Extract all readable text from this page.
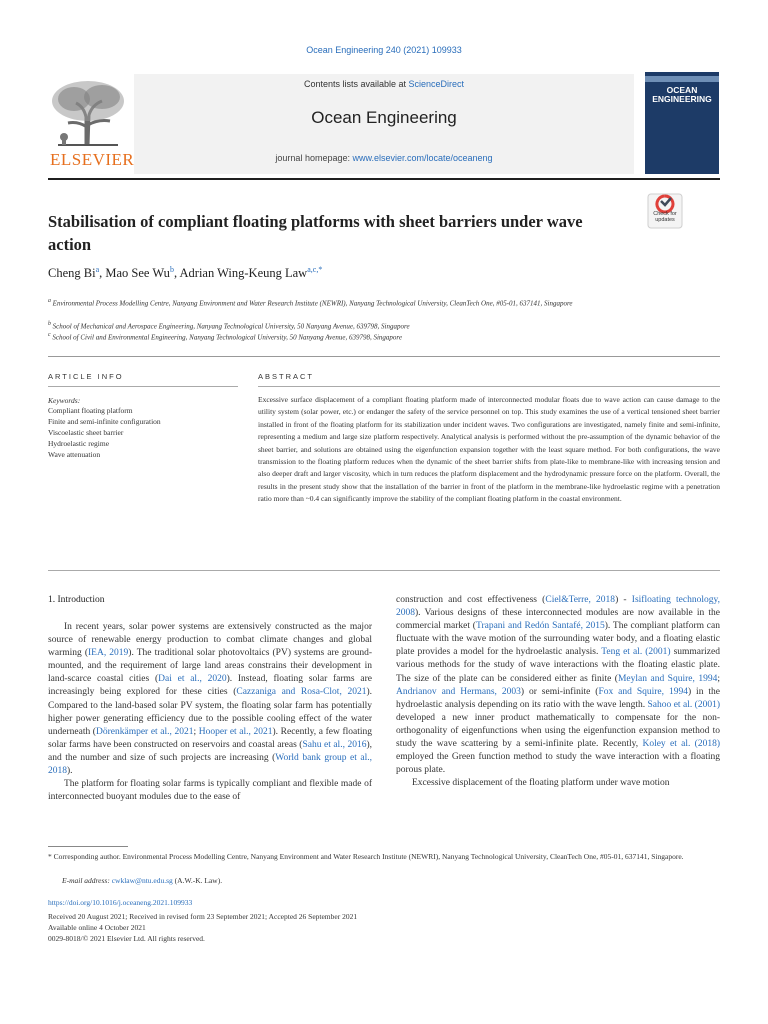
Ocean Engineering 240 (2021) 109933
ELSEVIER
Contents lists available at ScienceDirect
Ocean Engineering
journal homepage: www.elsevier.com/locate/oceaneng
OCEAN
ENGINEERING
Check for updates
Stabilisation of compliant floating platforms with sheet barriers under wave action
Cheng Bi$^a$, Mao See Wu$^b$, Adrian Wing-Keung Law$^{a,c,*}$
$^a$ Environmental Process Modelling Centre, Nanyang Environment and Water Research Institute (NEWRI), Nanyang Technological University, CleanTech One, #05-01, 637141, Singapore
$^b$ School of Mechanical and Aerospace Engineering, Nanyang Technological University, 50 Nanyang Avenue, 639798, Singapore
$^c$ School of Civil and Environmental Engineering, Nanyang Technological University, 50 Nanyang Avenue, 639798, Singapore
ARTICLE INFO
Keywords:
Compliant floating platform
Finite and semi-infinite configuration
Viscoelastic sheet barrier
Hydroelastic regime
Wave attenuation
ABSTRACT
Excessive surface displacement of a compliant floating platform made of interconnected modular floats due to wave action can cause damage to the utility system (solar power, etc.) or endanger the safety of the service personnel on top. This study examines the use of a vertical tensioned sheet barrier installed in front of the floating platform for its stabilization under incident waves. Two configurations are investigated, namely finite and semi-infinite, representing a medium and large size platform respectively. Analytical analysis is performed without the pre-assumption of the dynamic behavior of the sheet barrier, and solutions are obtained using the eigenfunction expansion together with the least square method. For both configurations, the wave transmission to the floating platform reduces when the dynamic of the sheet barrier shifts from plate-like to membrane-like with increasing tension and also deeper draft and larger viscosity, which in turn reduces the platform displacement and the hydrodynamic pressure force on the platform. Overall, the results in the present study show that the installation of the barrier in front of the platform in the membrane-like hydroelastic regime with a penetration ratio more than ~0.4 can significantly improve the stability of the compliant floating platform in the coastal environment.
1. Introduction

In recent years, solar power systems are extensively constructed as the major source of renewable energy production to combat climate changes and global warming (IEA, 2019). The traditional solar photovoltaics (PV) systems are ground-mounted, and the requirement of large land areas constrains their development in land-scarce coastal cities (Dai et al., 2020). Instead, floating solar farms are increasingly being explored for these cities (Cazzaniga and Rosa-Clot, 2021). Compared to the land-based solar PV system, the floating solar farm has potentially higher power generating efficiency due to the possible cooling effect of the water underneath (Dörenkämper et al., 2021; Hooper et al., 2021). Recently, a few floating solar farms have been constructed on reservoirs and coastal areas (Sahu et al., 2016), and the number and size of such projects are increasing (World bank group et al., 2018).

The platform for floating solar farms is typically compliant and flexible made of interconnected buoyant modules due to the ease of

construction and cost effectiveness (Ciel&Terre, 2018) - Isifloating technology, 2008). Various designs of these interconnected modules are now available in the commercial market (Trapani and Redón Santafé, 2015). The compliant platform can fluctuate with the wave motion of the surrounding water body, and a floating elastic plate provides a model for the hydroelastic analysis. Teng et al. (2001) summarized various methods for the study of wave interactions with the floating elastic plate. The size of the plate can be considered either as finite (Meylan and Squire, 1994; Andrianov and Hermans, 2003) or semi-infinite (Fox and Squire, 1994) in the hydroelastic analysis depending on its ratio with the wave length. Sahoo et al. (2001) developed a new inner product mathematically to compensate for the non-orthogonality of eigenfunctions when using the eigenfunction expansion method to study the wave scattering by a semi-infinite plate. Recently, Koley et al. (2018) employed the Green function method to study the wave interaction with a floating porous plate.

Excessive displacement of the floating platform under wave motion

* Corresponding author. Environmental Process Modelling Centre, Nanyang Environment and Water Research Institute (NEWRI), Nanyang Technological University, CleanTech One, #05-01, 637141, Singapore.
E-mail address: cwklaw@ntu.edu.sg (A.W.-K. Law).
https://doi.org/10.1016/j.oceaneng.2021.109933
Received 20 August 2021; Received in revised form 23 September 2021; Accepted 26 September 2021
Available online 4 October 2021
0029-8018/© 2021 Elsevier Ltd. All rights reserved.
